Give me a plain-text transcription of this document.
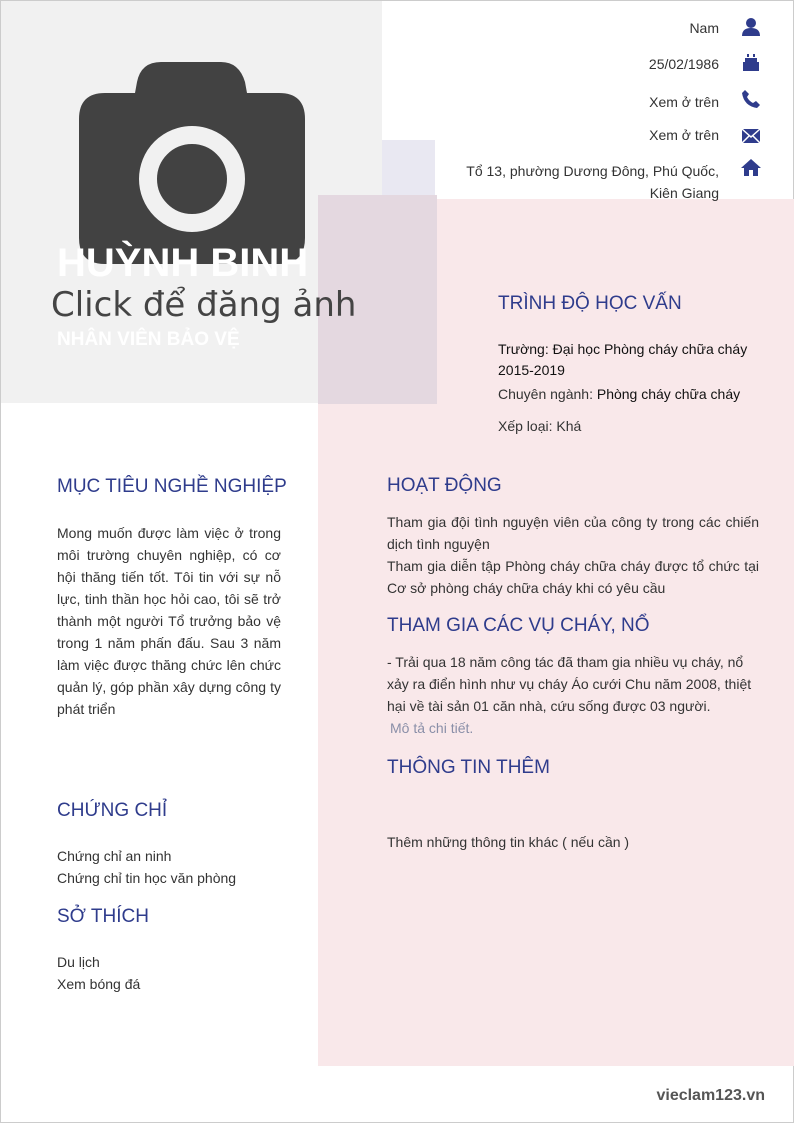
HUỲNH BINH
Click để đăng ảnh
NHÂN VIÊN BẢO VỆ
Nam
25/02/1986
Xem ở trên
Xem ở trên
Tổ 13, phường Dương Đông, Phú Quốc, Kiên Giang
TRÌNH ĐỘ HỌC VẤN
Trường: Đại học Phòng cháy chữa cháy
2015-2019
Chuyên ngành: Phòng cháy chữa cháy
Xếp loại: Khá
MỤC TIÊU NGHỀ NGHIỆP
Mong muốn được làm việc ở trong môi trường chuyên nghiệp, có cơ hội thăng tiến tốt. Tôi tin với sự nỗ lực, tinh thần học hỏi cao, tôi sẽ trở thành một người Tổ trưởng bảo vệ trong 1 năm phấn đấu. Sau 3 năm làm việc được thăng chức lên chức quản lý, góp phần xây dựng công ty phát triển
HOẠT ĐỘNG
Tham gia đội tình nguyện viên của công ty trong các chiến dịch tình nguyện
Tham gia diễn tập Phòng cháy chữa cháy được tổ chức tại Cơ sở phòng cháy chữa cháy khi có yêu cầu
THAM GIA CÁC VỤ CHÁY, NỔ
- Trải qua 18 năm công tác đã tham gia nhiều vụ cháy, nổ xảy ra điển hình như vụ cháy Áo cưới Chu năm 2008, thiệt hại về tài sản 01 căn nhà, cứu sống được 03 người.
Mô tả chi tiết.
THÔNG TIN THÊM
Thêm những thông tin khác ( nếu cần )
CHỨNG CHỈ
Chứng chỉ an ninh
Chứng chỉ tin học văn phòng
SỞ THÍCH
Du lịch
Xem bóng đá
vieclam123.vn
